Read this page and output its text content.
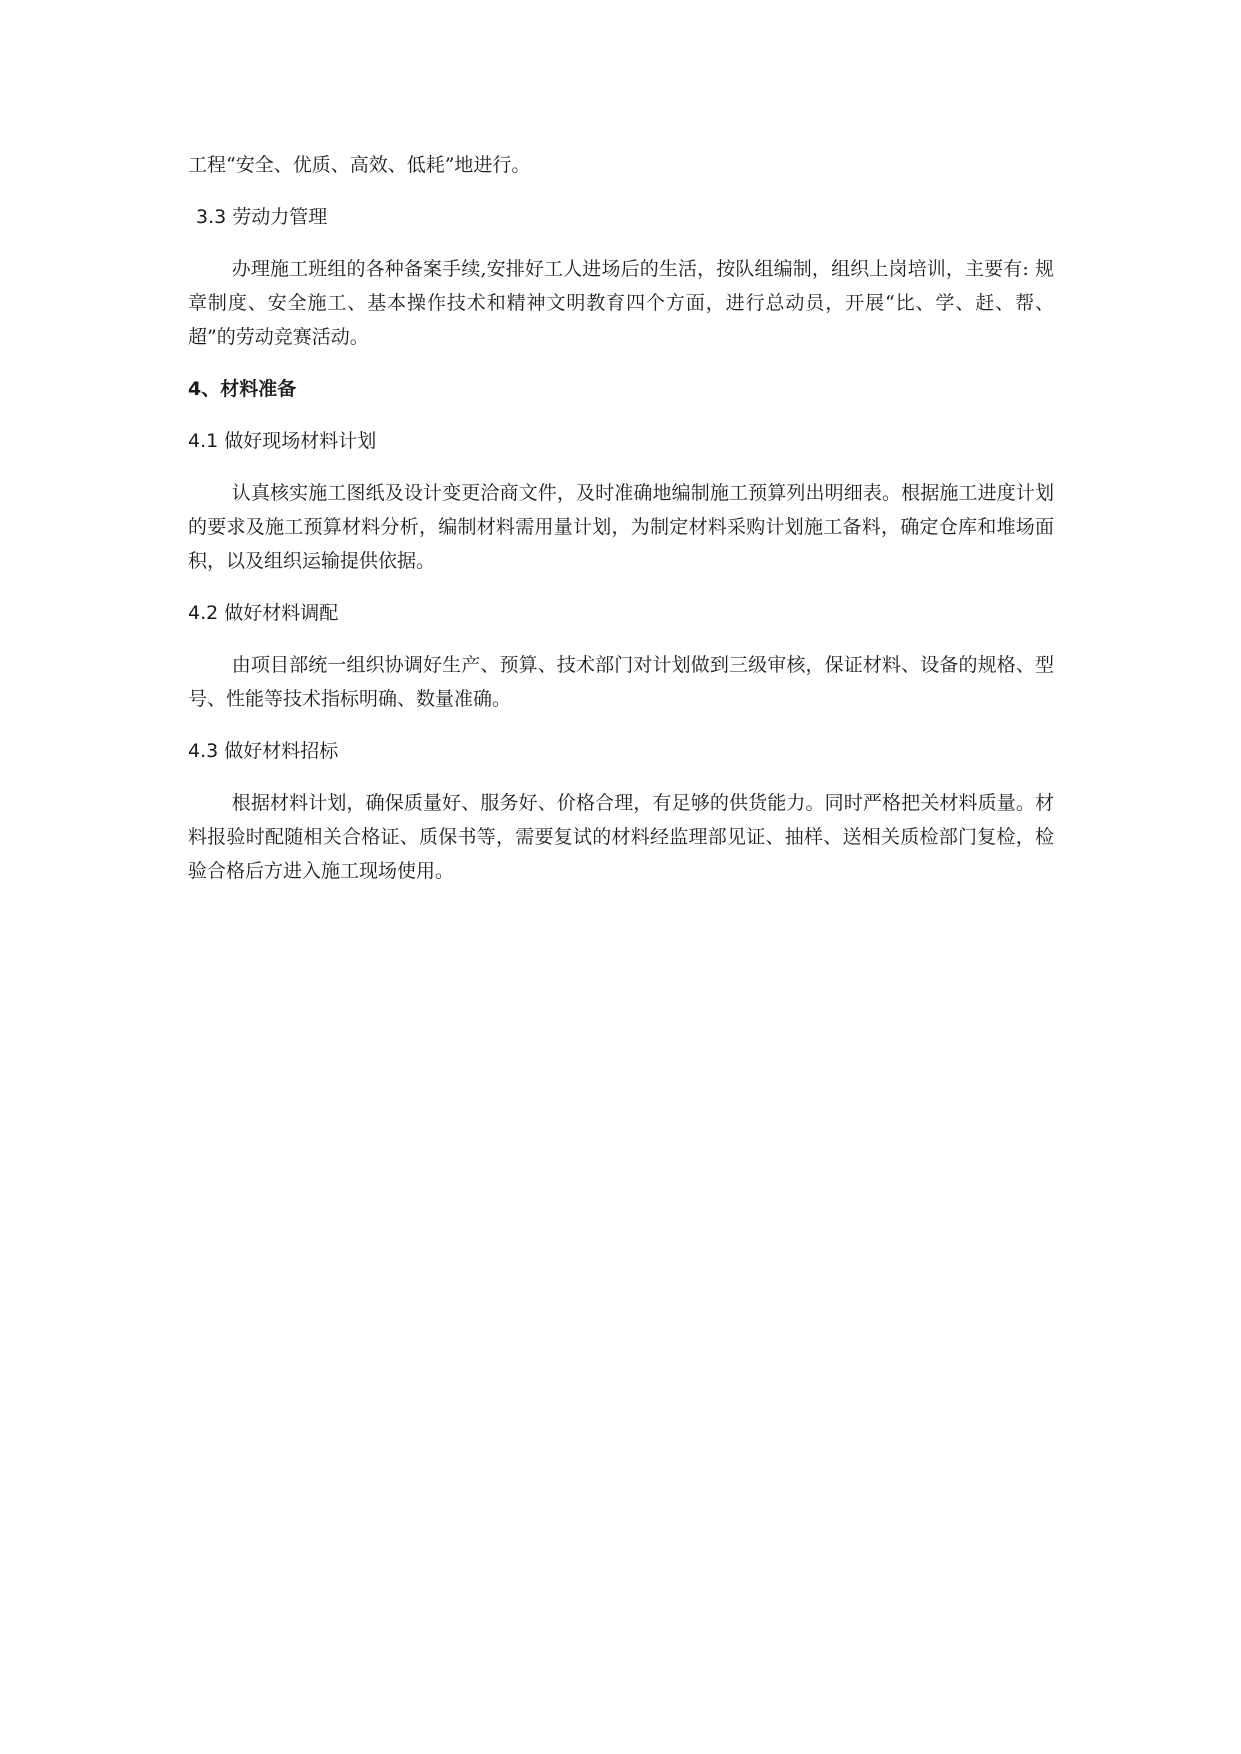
工程“安全、优质、高效、低耗”地进行。

3.3 劳动力管理

办理施工班组的各种备案手续,安排好工人进场后的生活，按队组编制，组织上岗培训，主要有: 规章制度、安全施工、基本操作技术和精神文明教育四个方面，进行总动员，开展“比、学、赶、帮、超”的劳动竞赛活动。

4、材料准备

4.1 做好现场材料计划

认真核实施工图纸及设计变更洽商文件，及时准确地编制施工预算列出明细表。根据施工进度计划的要求及施工预算材料分析，编制材料需用量计划，为制定材料采购计划施工备料，确定仓库和堆场面积，以及组织运输提供依据。

4.2 做好材料调配

由项目部统一组织协调好生产、预算、技术部门对计划做到三级审核，保证材料、设备的规格、型号、性能等技术指标明确、数量准确。

4.3 做好材料招标

根据材料计划，确保质量好、服务好、价格合理，有足够的供货能力。同时严格把关材料质量。材料报验时配随相关合格证、质保书等，需要复试的材料经监理部见证、抽样、送相关质检部门复检，检验合格后方进入施工现场使用。
